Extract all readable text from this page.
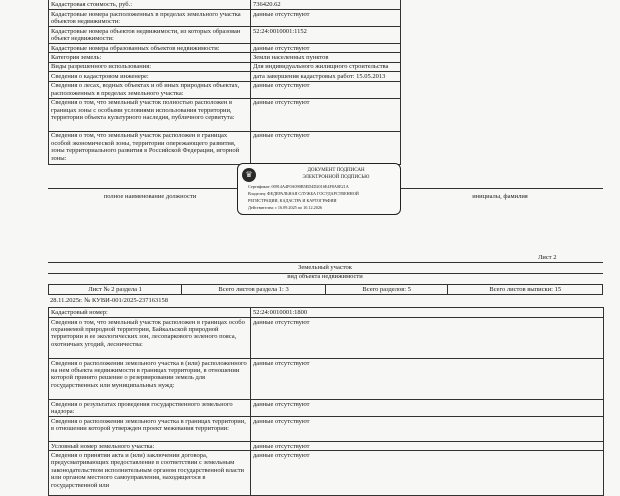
Кадастровая стоимость, руб.:	736420.62
Кадастровые номера расположенных в пределах земельного участка объектов недвижимости:	данные отсутствуют
Кадастровые номера объектов недвижимости, из которых образован объект недвижимости:	52:24:0010001:1152
Кадастровые номера образованных объектов недвижимости:	данные отсутствуют
Категория земель:	Земли населенных пунктов
Виды разрешенного использования:	Для индивидуального жилищного строительства
Сведения о кадастровом инженере:	дата завершения кадастровых работ: 15.05.2013
Сведения о лесах, водных объектах и об иных природных объектах, расположенных в пределах земельного участка:	данные отсутствуют
Сведения о том, что земельный участок полностью расположен в границах зоны с особыми условиями использования территории, территории объекта культурного наследия, публичного сервитута:	данные отсутствуют
Сведения о том, что земельный участок расположен в границах особой экономической зоны, территории опережающего развития, зоны территориального развития в Российской Федерации, игорной зоны:	данные отсутствуют
полное наименование должности	инициалы, фамилия
♛	ДОКУМЕНТ ПОДПИСАН
ЭЛЕКТРОННОЙ ПОДПИСЬЮ
Сертификат: 00914A4F0A090B5ED4D2016E4F8A0E21A
Владелец: ФЕДЕРАЛЬНАЯ СЛУЖБА ГОСУДАРСТВЕННОЙ
РЕГИСТРАЦИИ, КАДАСТРА И КАРТОГРАФИИ
Действителен: с 16.09.2025 по 10.12.2026
Лист 2
Земельный участок
вид объекта недвижимости
Лист № 2 раздела 1	Всего листов раздела 1: 3	Всего разделов: 5	Всего листов выписки: 15
28.11.2025г. № КУВИ-001/2025-237163158
Кадастровый номер:	52:24:0010001:1800
Сведения о том, что земельный участок расположен в границах особо охраняемой природной территории, Байкальской природной территории и ее экологических зон, лесопаркового зеленого пояса, охотничьих угодий, лесничества:	данные отсутствуют
Сведения о расположении земельного участка в (или) расположенного на нем объекта недвижимости в границах территории, в отношении которой принято решение о резервировании земель для государственных или муниципальных нужд:	данные отсутствуют
Сведения о результатах проведения государственного земельного надзора:	данные отсутствуют
Сведения о расположении земельного участка в границах территории, в отношении которой утвержден проект межевания территории:	данные отсутствуют
Условный номер земельного участка:	данные отсутствуют
Сведения о принятии акта и (или) заключении договора, предусматривающих предоставление в соответствии с земельным законодательством исполнительным органом государственной власти или органом местного самоуправления, находящегося в государственной или	данные отсутствуют
